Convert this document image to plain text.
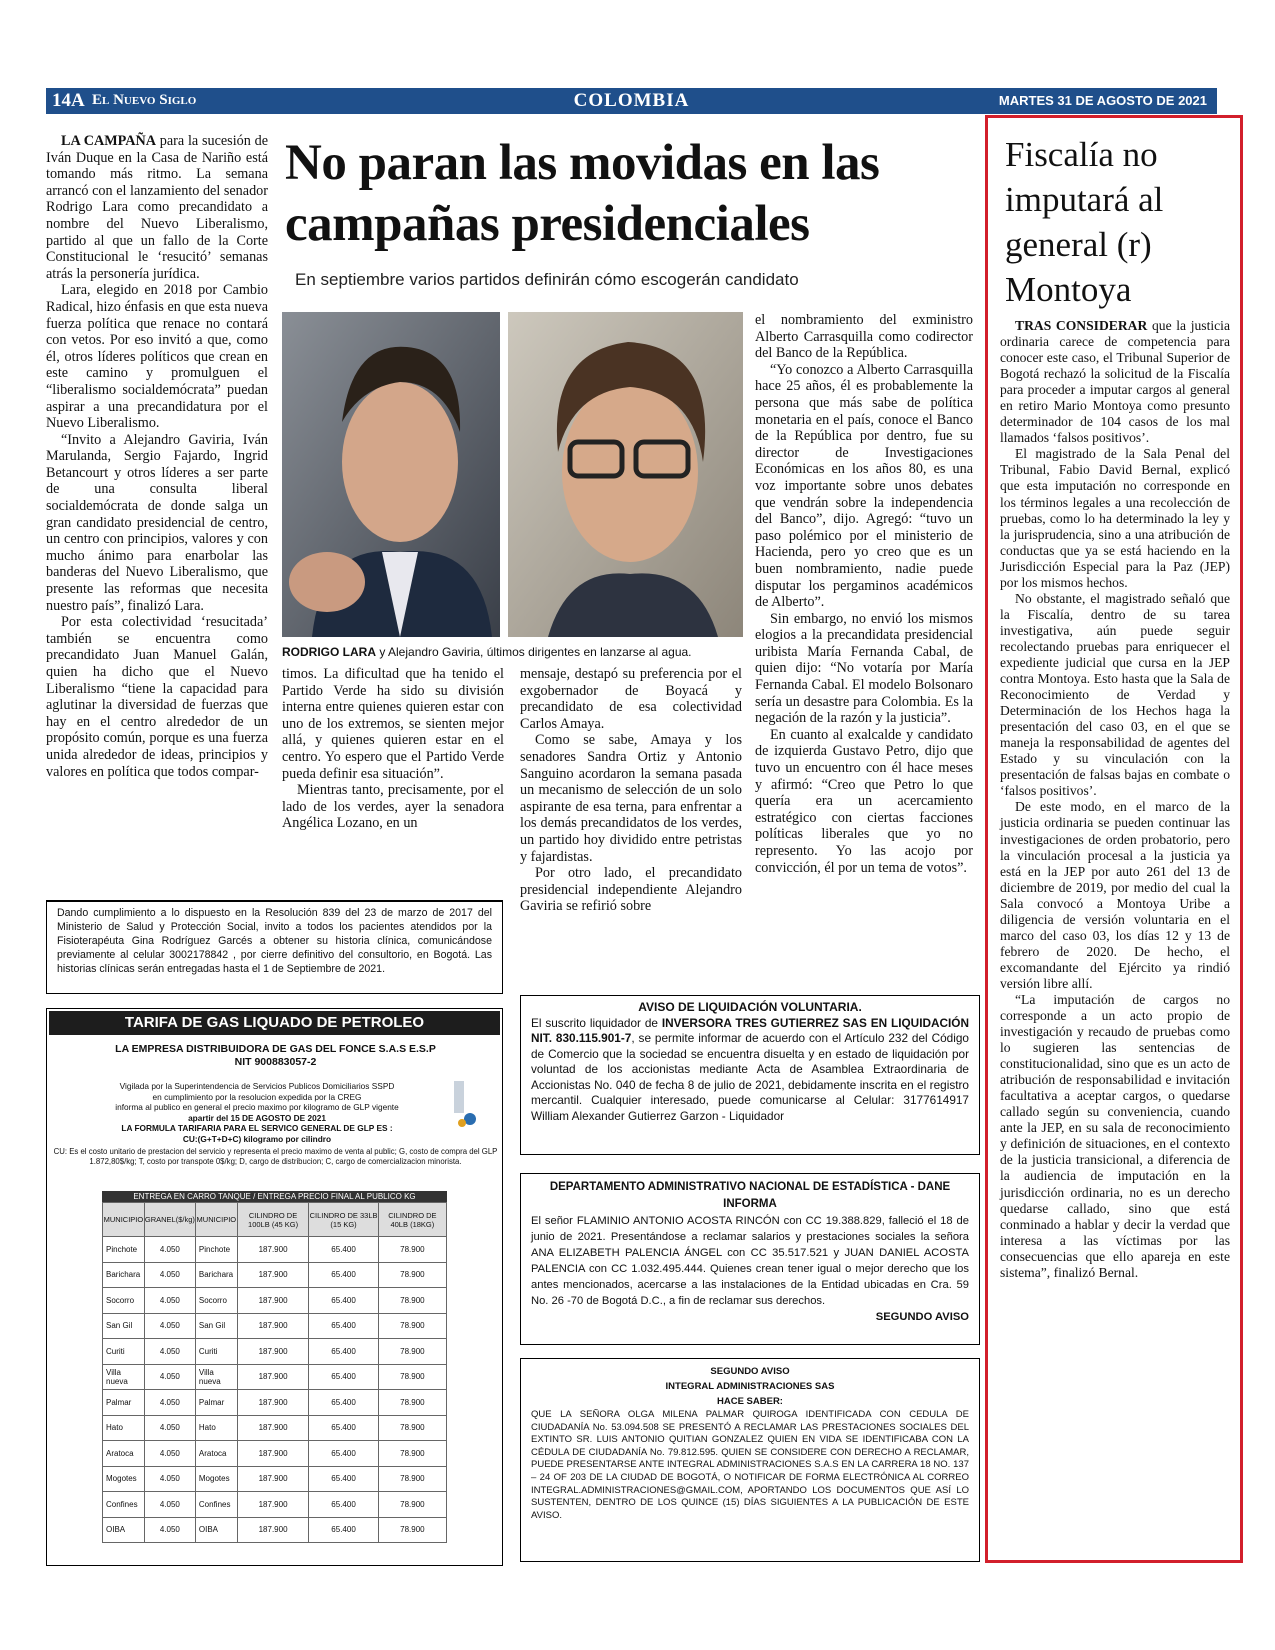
14A El Nuevo Siglo	COLOMBIA	MARTES 31 DE AGOSTO DE 2021

LA CAMPAÑA para la sucesión de Iván Duque en la Casa de Nariño está tomando más ritmo. La semana arrancó con el lanzamiento del senador Rodrigo Lara como precandidato a nombre del Nuevo Liberalismo, partido al que un fallo de la Corte Constitucional le ‘resucitó’ semanas atrás la personería jurídica.

Lara, elegido en 2018 por Cambio Radical, hizo énfasis en que esta nueva fuerza política que renace no contará con vetos. Por eso invitó a que, como él, otros líderes políticos que crean en este camino y promulguen el “liberalismo socialdemócrata” puedan aspirar a una precandidatura por el Nuevo Liberalismo.

“Invito a Alejandro Gaviria, Iván Marulanda, Sergio Fajardo, Ingrid Betancourt y otros líderes a ser parte de una consulta liberal socialdemócrata de donde salga un gran candidato presidencial de centro, un centro con principios, valores y con mucho ánimo para enarbolar las banderas del Nuevo Liberalismo, que presente las reformas que necesita nuestro país”, finalizó Lara.

Por esta colectividad ‘resucitada’ también se encuentra como precandidato Juan Manuel Galán, quien ha dicho que el Nuevo Liberalismo “tiene la capacidad para aglutinar la diversidad de fuerzas que hay en el centro alrededor de un propósito común, porque es una fuerza unida alrededor de ideas, principios y valores en política que todos compar-

No paran las movidas en las campañas presidenciales
En septiembre varios partidos definirán cómo escogerán candidato
RODRIGO LARA y Alejandro Gaviria, últimos dirigentes en lanzarse al agua.

timos. La dificultad que ha tenido el Partido Verde ha sido su división interna entre quienes quieren estar con uno de los extremos, se sienten mejor allá, y quienes quieren estar en el centro. Yo espero que el Partido Verde pueda definir esa situación”.

Mientras tanto, precisamente, por el lado de los verdes, ayer la senadora Angélica Lozano, en un

mensaje, destapó su preferencia por el exgobernador de Boyacá y precandidato de esa colectividad Carlos Amaya.

Como se sabe, Amaya y los senadores Sandra Ortiz y Antonio Sanguino acordaron la semana pasada un mecanismo de selección de un solo aspirante de esa terna, para enfrentar a los demás precandidatos de los verdes, un partido hoy dividido entre petristas y fajardistas.

Por otro lado, el precandidato presidencial independiente Alejandro Gaviria se refirió sobre

el nombramiento del exministro Alberto Carrasquilla como codirector del Banco de la República.

“Yo conozco a Alberto Carrasquilla hace 25 años, él es probablemente la persona que más sabe de política monetaria en el país, conoce el Banco de la República por dentro, fue su director de Investigaciones Económicas en los años 80, es una voz importante sobre unos debates que vendrán sobre la independencia del Banco”, dijo. Agregó: “tuvo un paso polémico por el ministerio de Hacienda, pero yo creo que es un buen nombramiento, nadie puede disputar los pergaminos académicos de Alberto”.

Sin embargo, no envió los mismos elogios a la precandidata presidencial uribista María Fernanda Cabal, de quien dijo: “No votaría por María Fernanda Cabal. El modelo Bolsonaro sería un desastre para Colombia. Es la negación de la razón y la justicia”.

En cuanto al exalcalde y candidato de izquierda Gustavo Petro, dijo que tuvo un encuentro con él hace meses y afirmó: “Creo que Petro lo que quería era un acercamiento estratégico con ciertas facciones políticas liberales que yo no represento. Yo las acojo por convicción, él por un tema de votos”.

Fiscalía no imputará al general (r) Montoya

TRAS CONSIDERAR que la justicia ordinaria carece de competencia para conocer este caso, el Tribunal Superior de Bogotá rechazó la solicitud de la Fiscalía para proceder a imputar cargos al general en retiro Mario Montoya como presunto determinador de 104 casos de los mal llamados ‘falsos positivos’.

El magistrado de la Sala Penal del Tribunal, Fabio David Bernal, explicó que esta imputación no corresponde en los términos legales a una recolección de pruebas, como lo ha determinado la ley y la jurisprudencia, sino a una atribución de conductas que ya se está haciendo en la Jurisdicción Especial para la Paz (JEP) por los mismos hechos.

No obstante, el magistrado señaló que la Fiscalía, dentro de su tarea investigativa, aún puede seguir recolectando pruebas para enriquecer el expediente judicial que cursa en la JEP contra Montoya. Esto hasta que la Sala de Reconocimiento de Verdad y Determinación de los Hechos haga la presentación del caso 03, en el que se maneja la responsabilidad de agentes del Estado y su vinculación con la presentación de falsas bajas en combate o ‘falsos positivos’.

De este modo, en el marco de la justicia ordinaria se pueden continuar las investigaciones de orden probatorio, pero la vinculación procesal a la justicia ya está en la JEP por auto 261 del 13 de diciembre de 2019, por medio del cual la Sala convocó a Montoya Uribe a diligencia de versión voluntaria en el marco del caso 03, los días 12 y 13 de febrero de 2020. De hecho, el excomandante del Ejército ya rindió versión libre allí.

“La imputación de cargos no corresponde a un acto propio de investigación y recaudo de pruebas como lo sugieren las sentencias de constitucionalidad, sino que es un acto de atribución de responsabilidad e invitación facultativa a aceptar cargos, o quedarse callado según su conveniencia, cuando ante la JEP, en su sala de reconocimiento y definición de situaciones, en el contexto de la justicia transicional, a diferencia de la audiencia de imputación en la jurisdicción ordinaria, no es un derecho quedarse callado, sino que está conminado a hablar y decir la verdad que interesa a las víctimas por las consecuencias que ello apareja en este sistema”, finalizó Bernal.

Dando cumplimiento a lo dispuesto en la Resolución 839 del 23 de marzo de 2017 del Ministerio de Salud y Protección Social, invito a todos los pacientes atendidos por la Fisioterapéuta Gina Rodríguez Garcés a obtener su historia clínica, comunicándose previamente al celular 3002178842 , por cierre definitivo del consultorio, en Bogotá. Las historias clínicas serán entregadas hasta el 1 de Septiembre de 2021.
TARIFA DE GAS LIQUADO DE PETROLEO
LA EMPRESA DISTRIBUIDORA DE GAS DEL FONCE S.A.S E.S.P
NIT 900883057-2
Vigilada por la Superintendencia de Servicios Publicos Domiciliarios SSPD
en cumplimiento por la resolucion expedida por la CREG
informa al publico en general el precio maximo por kilogramo de GLP vigente
apartir del 15 DE AGOSTO DE 2021
LA FORMULA TARIFARIA PARA EL SERVICO GENERAL DE GLP ES :
CU:(G+T+D+C) kilogramo por cilindro
CU: Es el costo unitario de prestacion del servicio y representa el precio maximo de venta al public; G, costo de compra del GLP 1.872,80$/kg; T, costo por transpote 0$/kg; D, cargo de distribucion; C, cargo de comercializacion minorista.
ENTREGA EN CARRO TANQUE / ENTREGA PRECIO FINAL AL PUBLICO KG
MUNICIPIO	GRANEL($/kg)	MUNICIPIO	CILINDRO DE 100LB (45 KG)	CILINDRO DE 33LB (15 KG)	CILINDRO DE 40LB (18KG)
Pinchote	4.050	Pinchote	187.900	65.400	78.900
Barichara	4.050	Barichara	187.900	65.400	78.900
Socorro	4.050	Socorro	187.900	65.400	78.900
San Gil	4.050	San Gil	187.900	65.400	78.900
Curiti	4.050	Curiti	187.900	65.400	78.900
Villa nueva	4.050	Villa nueva	187.900	65.400	78.900
Palmar	4.050	Palmar	187.900	65.400	78.900
Hato	4.050	Hato	187.900	65.400	78.900
Aratoca	4.050	Aratoca	187.900	65.400	78.900
Mogotes	4.050	Mogotes	187.900	65.400	78.900
Confines	4.050	Confines	187.900	65.400	78.900
OIBA	4.050	OIBA	187.900	65.400	78.900
AVISO DE LIQUIDACIÓN VOLUNTARIA.
El suscrito liquidador de INVERSORA TRES GUTIERREZ SAS EN LIQUIDACIÓN NIT. 830.115.901-7, se permite informar de acuerdo con el Artículo 232 del Código de Comercio que la sociedad se encuentra disuelta y en estado de liquidación por voluntad de los accionistas mediante Acta de Asamblea Extraordinaria de Accionistas No. 040 de fecha 8 de julio de 2021, debidamente inscrita en el registro mercantil. Cualquier interesado, puede comunicarse al Celular: 3177614917 William Alexander Gutierrez Garzon - Liquidador
DEPARTAMENTO ADMINISTRATIVO NACIONAL DE ESTADÍSTICA - DANE INFORMA
El señor FLAMINIO ANTONIO ACOSTA RINCÓN con CC 19.388.829, falleció el 18 de junio de 2021. Presentándose a reclamar salarios y prestaciones sociales la señora ANA ELIZABETH PALENCIA ÁNGEL con CC 35.517.521 y JUAN DANIEL ACOSTA PALENCIA con CC 1.032.495.444. Quienes crean tener igual o mejor derecho que los antes mencionados, acercarse a las instalaciones de la Entidad ubicadas en Cra. 59 No. 26 -70 de Bogotá D.C., a fin de reclamar sus derechos.
SEGUNDO AVISO
SEGUNDO AVISO
INTEGRAL ADMINISTRACIONES SAS
HACE SABER:
QUE LA SEÑORA OLGA MILENA PALMAR QUIROGA IDENTIFICADA CON CEDULA DE CIUDADANÍA No. 53.094.508 SE PRESENTÓ A RECLAMAR LAS PRESTACIONES SOCIALES DEL EXTINTO SR. LUIS ANTONIO QUITIAN GONZALEZ QUIEN EN VIDA SE IDENTIFICABA CON LA CÉDULA DE CIUDADANÍA No. 79.812.595. QUIEN SE CONSIDERE CON DERECHO A RECLAMAR, PUEDE PRESENTARSE ANTE INTEGRAL ADMINISTRACIONES S.A.S EN LA CARRERA 18 NO. 137 – 24 OF 203 DE LA CIUDAD DE BOGOTÁ, O NOTIFICAR DE FORMA ELECTRÓNICA AL CORREO INTEGRAL.ADMINISTRACIONES@GMAIL.COM, APORTANDO LOS DOCUMENTOS QUE ASÍ LO SUSTENTEN, DENTRO DE LOS QUINCE (15) DÍAS SIGUIENTES A LA PUBLICACIÓN DE ESTE AVISO.
